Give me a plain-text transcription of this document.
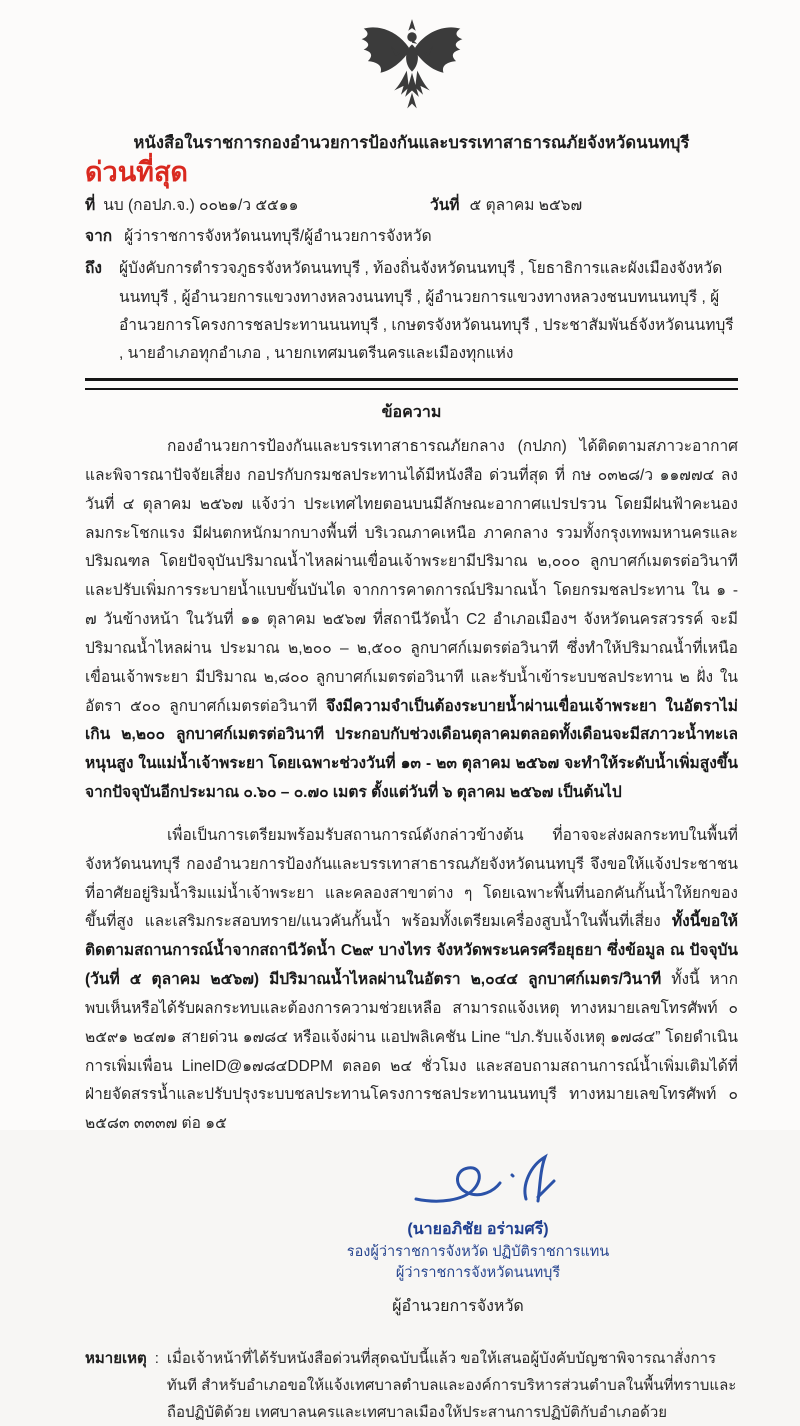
หนังสือในราชการกองอำนวยการป้องกันและบรรเทาสาธารณภัยจังหวัดนนทบุรี
ด่วนที่สุด
ที่ นบ (กอปภ.จ.) ๐๐๒๑/ว ๕๕๑๑	วันที่ ๕ ตุลาคม ๒๕๖๗
จาก ผู้ว่าราชการจังหวัดนนทบุรี/ผู้อำนวยการจังหวัด
ถึง	ผู้บังคับการตำรวจภูธรจังหวัดนนทบุรี , ท้องถิ่นจังหวัดนนทบุรี , โยธาธิการและผังเมืองจังหวัดนนทบุรี , ผู้อำนวยการแขวงทางหลวงนนทบุรี , ผู้อำนวยการแขวงทางหลวงชนบทนนทบุรี , ผู้อำนวยการโครงการชลประทานนนทบุรี , เกษตรจังหวัดนนทบุรี , ประชาสัมพันธ์จังหวัดนนทบุรี , นายอำเภอทุกอำเภอ , นายกเทศมนตรีนครและเมืองทุกแห่ง
ข้อความ

กองอำนวยการป้องกันและบรรเทาสาธารณภัยกลาง (กปภก) ได้ติดตามสภาวะอากาศ และพิจารณาปัจจัยเสี่ยง กอปรกับกรมชลประทานได้มีหนังสือ ด่วนที่สุด ที่ กษ ๐๓๒๘/ว ๑๑๗๗๔ ลงวันที่ ๔ ตุลาคม ๒๕๖๗ แจ้งว่า ประเทศไทยตอนบนมีลักษณะอากาศแปรปรวน โดยมีฝนฟ้าคะนอง ลมกระโชกแรง มีฝนตกหนักมากบางพื้นที่ บริเวณภาคเหนือ ภาคกลาง รวมทั้งกรุงเทพมหานครและปริมณฑล โดยปัจจุบันปริมาณน้ำไหลผ่านเขื่อนเจ้าพระยามีปริมาณ ๒,๐๐๐ ลูกบาศก์เมตรต่อวินาที และปรับเพิ่มการระบายน้ำแบบขั้นบันได จากการคาดการณ์ปริมาณน้ำ โดยกรมชลประทาน ใน ๑ - ๗ วันข้างหน้า ในวันที่ ๑๑ ตุลาคม ๒๕๖๗ ที่สถานีวัดน้ำ C2 อำเภอเมืองฯ จังหวัดนครสวรรค์ จะมีปริมาณน้ำไหลผ่าน ประมาณ ๒,๒๐๐ – ๒,๕๐๐ ลูกบาศก์เมตรต่อวินาที ซึ่งทำให้ปริมาณน้ำที่เหนือเขื่อนเจ้าพระยา มีปริมาณ ๒,๘๐๐ ลูกบาศก์เมตรต่อวินาที และรับน้ำเข้าระบบชลประทาน ๒ ฝั่ง ในอัตรา ๕๐๐ ลูกบาศก์เมตรต่อวินาที จึงมีความจำเป็นต้องระบายน้ำผ่านเขื่อนเจ้าพระยา ในอัตราไม่เกิน ๒,๒๐๐ ลูกบาศก์เมตรต่อวินาที ประกอบกับช่วงเดือนตุลาคมตลอดทั้งเดือนจะมีสภาวะน้ำทะเลหนุนสูง ในแม่น้ำเจ้าพระยา โดยเฉพาะช่วงวันที่ ๑๓ - ๒๓ ตุลาคม ๒๕๖๗ จะทำให้ระดับน้ำเพิ่มสูงขึ้นจากปัจจุบันอีกประมาณ ๐.๖๐ – ๐.๗๐ เมตร ตั้งแต่วันที่ ๖ ตุลาคม ๒๕๖๗ เป็นต้นไป

เพื่อเป็นการเตรียมพร้อมรับสถานการณ์ดังกล่าวข้างต้น ที่อาจจะส่งผลกระทบในพื้นที่จังหวัดนนทบุรี กองอำนวยการป้องกันและบรรเทาสาธารณภัยจังหวัดนนทบุรี จึงขอให้แจ้งประชาชนที่อาศัยอยู่ริมน้ำริมแม่น้ำเจ้าพระยา และคลองสาขาต่าง ๆ โดยเฉพาะพื้นที่นอกคันกั้นน้ำให้ยกของขึ้นที่สูง และเสริมกระสอบทราย/แนวคันกั้นน้ำ พร้อมทั้งเตรียมเครื่องสูบน้ำในพื้นที่เสี่ยง ทั้งนี้ขอให้ติดตามสถานการณ์น้ำจากสถานีวัดน้ำ C๒๙ บางไทร จังหวัดพระนครศรีอยุธยา ซึ่งข้อมูล ณ ปัจจุบัน (วันที่ ๕ ตุลาคม ๒๕๖๗) มีปริมาณน้ำไหลผ่านในอัตรา ๒,๐๔๔ ลูกบาศก์เมตร/วินาที ทั้งนี้ หากพบเห็นหรือได้รับผลกระทบและต้องการความช่วยเหลือ สามารถแจ้งเหตุ ทางหมายเลขโทรศัพท์ ๐ ๒๕๙๑ ๒๔๗๑ สายด่วน ๑๗๘๔ หรือแจ้งผ่าน แอปพลิเคชัน Line “ปภ.รับแจ้งเหตุ ๑๗๘๔” โดยดำเนินการเพิ่มเพื่อน LineID@๑๗๘๔DDPM ตลอด ๒๔ ชั่วโมง และสอบถามสถานการณ์น้ำเพิ่มเติมได้ที่ ฝ่ายจัดสรรน้ำและปรับปรุงระบบชลประทานโครงการชลประทานนนทบุรี ทางหมายเลขโทรศัพท์ ๐ ๒๕๘๓ ๓๓๓๗ ต่อ ๑๕

(นายอภิชัย อร่ามศรี)
รองผู้ว่าราชการจังหวัด ปฏิบัติราชการแทน
ผู้ว่าราชการจังหวัดนนทบุรี
ผู้อำนวยการจังหวัด
หมายเหตุ : เมื่อเจ้าหน้าที่ได้รับหนังสือด่วนที่สุดฉบับนี้แล้ว ขอให้เสนอผู้บังคับบัญชาพิจารณาสั่งการทันที สำหรับอำเภอขอให้แจ้งเทศบาลตำบลและองค์การบริหารส่วนตำบลในพื้นที่ทราบและถือปฏิบัติด้วย เทศบาลนครและเทศบาลเมืองให้ประสานการปฏิบัติกับอำเภอด้วย
